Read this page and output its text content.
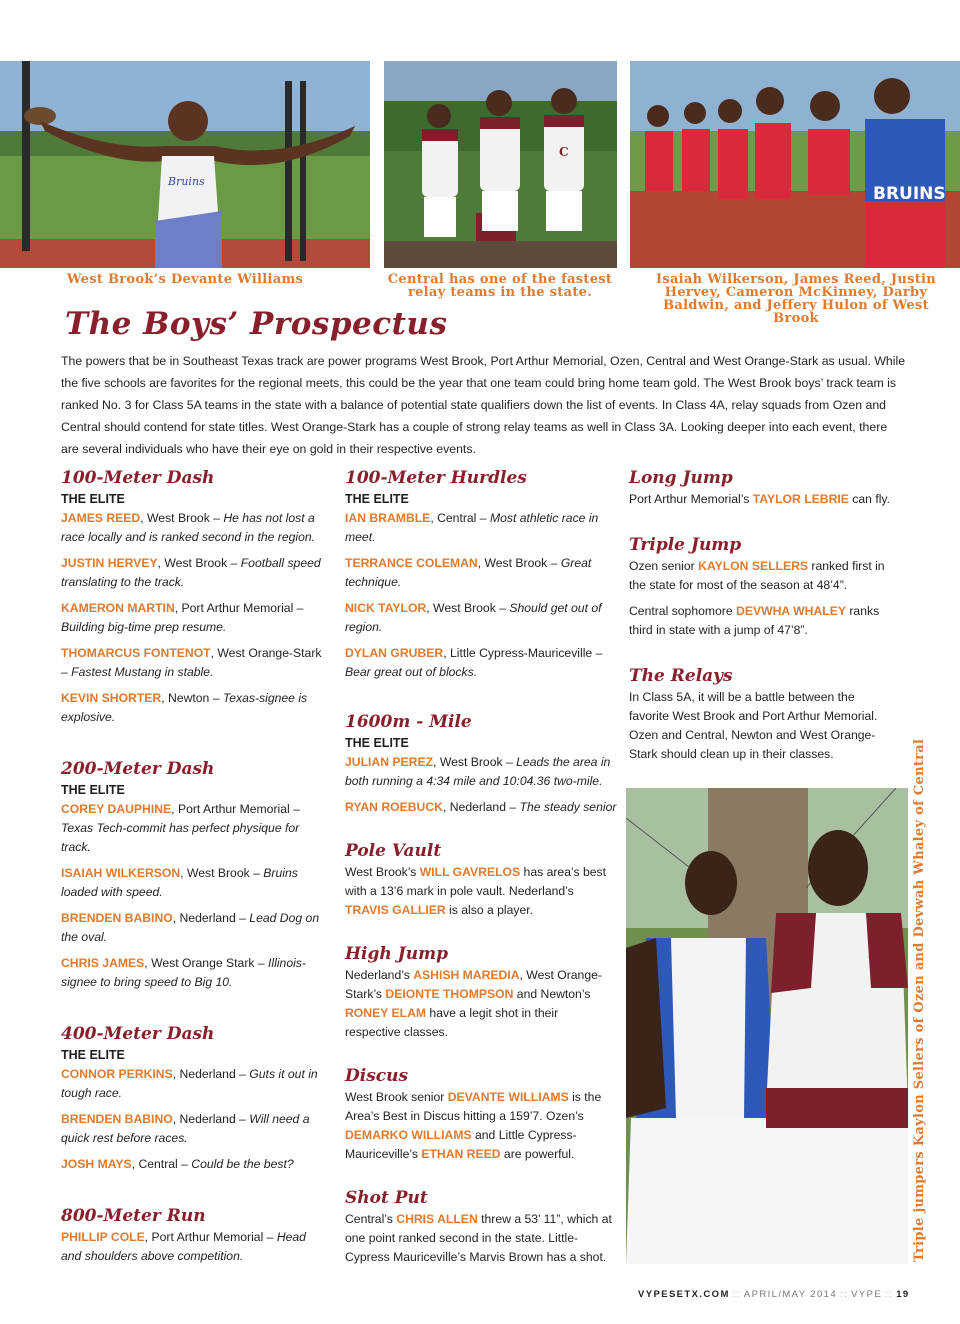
Bruins
C
BRUINS
West Brook’s Devante Williams	Central has one of the fastest relay teams in the state.
Isaiah Wilkerson, James Reed, Justin Hervey, Cameron McKinney, Darby Baldwin, and Jeffery Hulon of West Brook
The Boys’ Prospectus
The powers that be in Southeast Texas track are power programs West Brook, Port Arthur Memorial, Ozen, Central and West Orange-Stark as usual. While the five schools are favorites for the regional meets, this could be the year that one team could bring home team gold. The West Brook boys’ track team is ranked No. 3 for Class 5A teams in the state with a balance of potential state qualifiers down the list of events. In Class 4A, relay squads from Ozen and Central should contend for state titles. West Orange-Stark has a couple of strong relay teams as well in Class 3A. Looking deeper into each event, there are several individuals who have their eye on gold in their respective events.
100-Meter Dash
THE ELITE

JAMES REED, West Brook – He has not lost a race locally and is ranked second in the region.

JUSTIN HERVEY, West Brook – Football speed translating to the track.

KAMERON MARTIN, Port Arthur Memorial – Building big-time prep resume.

THOMARCUS FONTENOT, West Orange-Stark – Fastest Mustang in stable.

KEVIN SHORTER, Newton – Texas-signee is explosive.

200-Meter Dash
THE ELITE

COREY DAUPHINE, Port Arthur Memorial – Texas Tech-commit has perfect physique for track.

ISAIAH WILKERSON, West Brook – Bruins loaded with speed.

BRENDEN BABINO, Nederland – Lead Dog on the oval.

CHRIS JAMES, West Orange Stark – Illinois-signee to bring speed to Big 10.

400-Meter Dash
THE ELITE

CONNOR PERKINS, Nederland – Guts it out in tough race.

BRENDEN BABINO, Nederland – Will need a quick rest before races.

JOSH MAYS, Central – Could be the best?

800-Meter Run

PHILLIP COLE, Port Arthur Memorial – Head and shoulders above competition.

100-Meter Hurdles
THE ELITE

IAN BRAMBLE, Central – Most athletic race in meet.

TERRANCE COLEMAN, West Brook – Great technique.

NICK TAYLOR, West Brook – Should get out of region.

DYLAN GRUBER, Little Cypress-Mauriceville – Bear great out of blocks.

1600m - Mile
THE ELITE

JULIAN PEREZ, West Brook – Leads the area in both running a 4:34 mile and 10:04.36 two-mile.

RYAN ROEBUCK, Nederland – The steady senior

Pole Vault

West Brook’s WILL GAVRELOS has area’s best with a 13’6 mark in pole vault. Nederland’s TRAVIS GALLIER is also a player.

High Jump

Nederland’s ASHISH MAREDIA, West Orange-Stark’s DEIONTE THOMPSON and Newton’s RONEY ELAM have a legit shot in their respective classes.

Discus

West Brook senior DEVANTE WILLIAMS is the Area’s Best in Discus hitting a 159’7. Ozen’s DEMARKO WILLIAMS and Little Cypress-Mauriceville’s ETHAN REED are powerful.

Shot Put

Central’s CHRIS ALLEN threw a 53’ 11”, which at one point ranked second in the state. Little-Cypress Mauriceville’s Marvis Brown has a shot.

Long Jump

Port Arthur Memorial’s TAYLOR LEBRIE can fly.

Triple Jump

Ozen senior KAYLON SELLERS ranked first in the state for most of the season at 48’4”.

Central sophomore DEVWHA WHALEY ranks third in state with a jump of 47’8”.

The Relays

In Class 5A, it will be a battle between the favorite West Brook and Port Arthur Memorial. Ozen and Central, Newton and West Orange-Stark should clean up in their classes.

C Triple jumpers Kaylon Sellers of Ozen and Devwah Whaley of Central
VYPESETX.COM :: APRIL/MAY 2014 :: VYPE :: 19
